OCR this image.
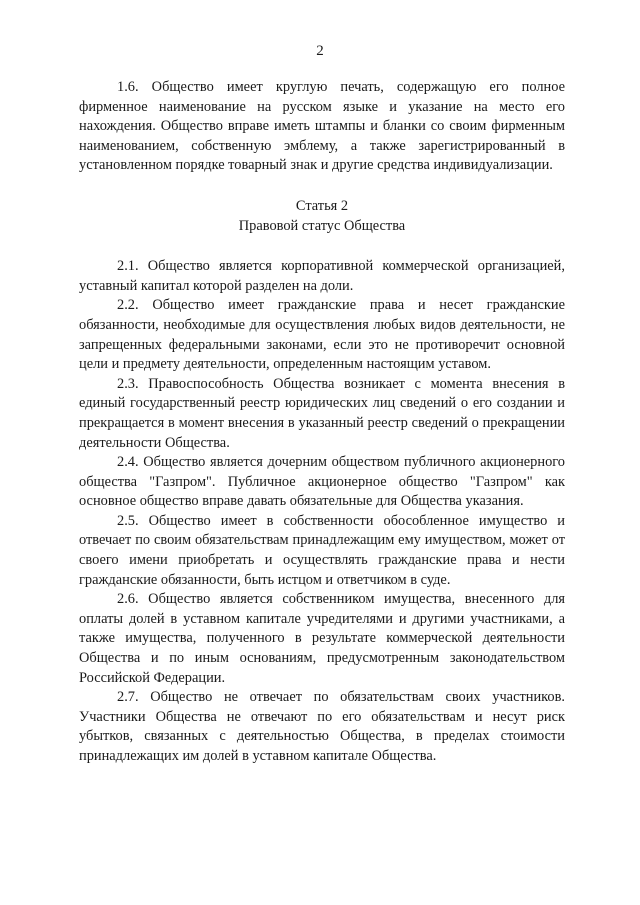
2

1.6. Общество имеет круглую печать, содержащую его полное фирменное наименование на русском языке и указание на место его нахождения. Общество вправе иметь штампы и бланки со своим фирменным наименованием, собственную эмблему, а также зарегистрированный в установленном порядке товарный знак и другие средства индивидуализации.

Статья 2

Правовой статус Общества

2.1. Общество является корпоративной коммерческой организацией, уставный капитал которой разделен на доли.

2.2. Общество имеет гражданские права и несет гражданские обязанности, необходимые для осуществления любых видов деятельности, не запрещенных федеральными законами, если это не противоречит основной цели и предмету деятельности, определенным настоящим уставом.

2.3. Правоспособность Общества возникает с момента внесения в единый государственный реестр юридических лиц сведений о его создании и прекращается в момент внесения в указанный реестр сведений о прекращении деятельности Общества.

2.4. Общество является дочерним обществом публичного акционерного общества "Газпром". Публичное акционерное общество "Газпром" как основное общество вправе давать обязательные для Общества указания.

2.5. Общество имеет в собственности обособленное имущество и отвечает по своим обязательствам принадлежащим ему имуществом, может от своего имени приобретать и осуществлять гражданские права и нести гражданские обязанности, быть истцом и ответчиком в суде.

2.6. Общество является собственником имущества, внесенного для оплаты долей в уставном капитале учредителями и другими участниками, а также имущества, полученного в результате коммерческой деятельности Общества и по иным основаниям, предусмотренным законодательством Российской Федерации.

2.7. Общество не отвечает по обязательствам своих участников. Участники Общества не отвечают по его обязательствам и несут риск убытков, связанных с деятельностью Общества, в пределах стоимости принадлежащих им долей в уставном капитале Общества.
